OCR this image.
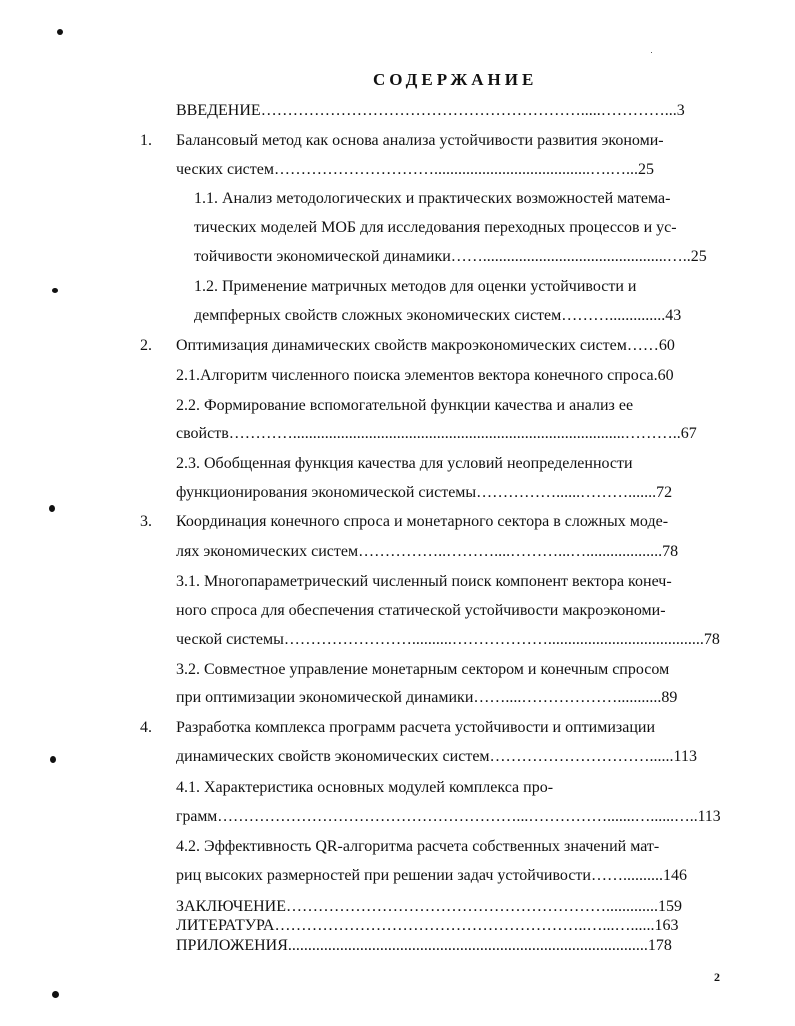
СОДЕРЖАНИЕ
1.
2.
3.
4.
ВВЕДЕНИЕ…………………………………………………….....…………...3
Балансовый метод как основа анализа устойчивости развития экономи-
ческих систем………………………….......................................….…...25
1.1. Анализ методологических и практических возможностей матема-
тических моделей МОБ для исследования переходных процессов и ус-
тойчивости экономической динамики……..............................................…..25
1.2. Применение матричных методов для оценки устойчивости и
демпферных свойств сложных экономических систем………..............43
Оптимизация динамических свойств макроэкономических систем……60
2.1.Алгоритм численного поиска элементов вектора конечного спроса.60
2.2. Формирование вспомогательной функции качества и анализ ее
свойств…………...................................................................................………..67
2.3. Обобщенная функция качества для условий неопределенности
функционирования экономической системы……………......……….......72
Координация конечного спроса и монетарного сектора в сложных моде-
лях экономических систем……………..………....………...…...................78
3.1. Многопараметрический численный поиск компонент вектора конеч-
ного спроса для обеспечения статической устойчивости макроэкономи-
ческой системы……………………..........……………….......................................78
3.2. Совместное управление монетарным сектором и конечным спросом
при оптимизации экономической динамики……....………………...........89
Разработка комплекса программ расчета устойчивости и оптимизации
динамических свойств экономических систем…………………………......113
4.1. Характеристика основных модулей комплекса про-
грамм…………………………………………………...…………….......…......…..113
4.2. Эффективность QR-алгоритма расчета собственных значений мат-
риц высоких размерностей при решении задач устойчивости……..........146
ЗАКЛЮЧЕНИЕ…………………………………………………….............159
ЛИТЕРАТУРА…………………………………………………..…...…......163
ПРИЛОЖЕНИЯ..........................................................................................178
2
